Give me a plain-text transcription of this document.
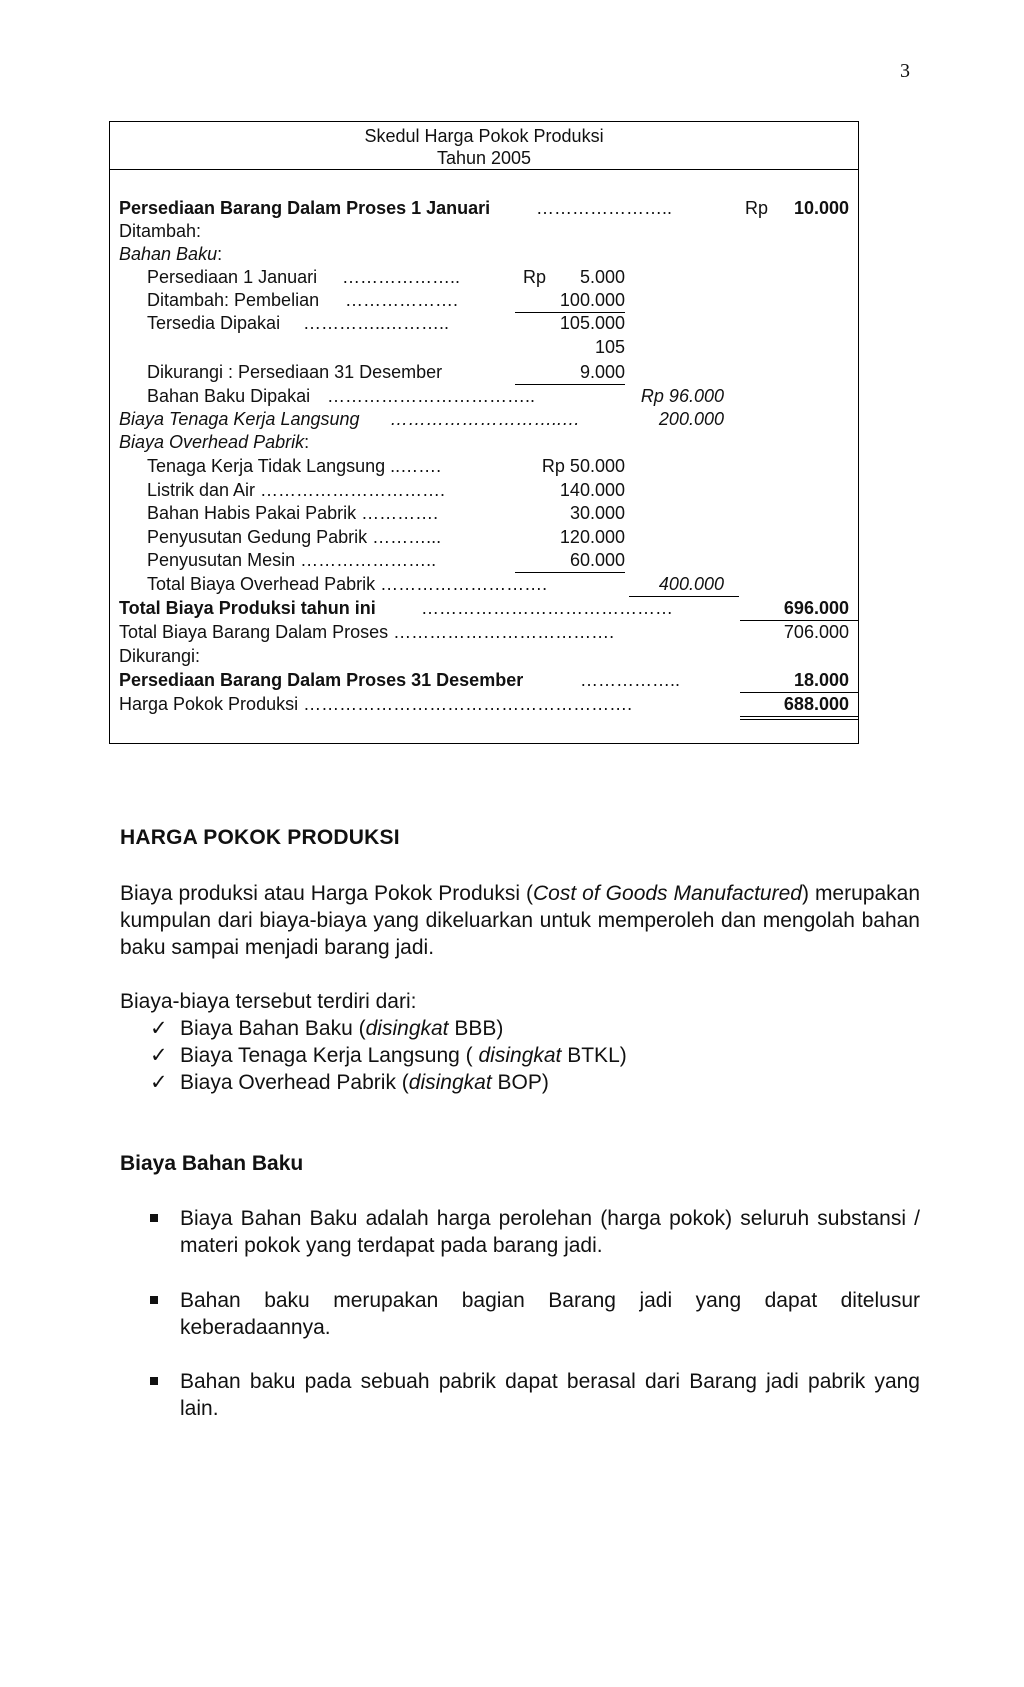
3
Skedul Harga Pokok Produksi
Tahun 2005
Persediaan Barang Dalam Proses 1 Januari	…………………..	Rp 10.000
Ditambah:
Bahan Baku:
Persediaan 1 Januari ………………..	Rp 5.000
Ditambah: Pembelian ……………….	100.000
Tersedia Dipakai …………..………..	105.000
105
Dikurangi : Persediaan 31 Desember	9.000
Bahan Baku Dipakai ……………………………..	Rp 96.000
Biaya Tenaga Kerja Langsung ………………………..…	200.000
Biaya Overhead Pabrik:
Tenaga Kerja Tidak Langsung ..…….	Rp 50.000
Listrik dan Air ………………………….	140.000
Bahan Habis Pakai Pabrik ………….	30.000
Penyusutan Gedung Pabrik ………...	120.000
Penyusutan Mesin …………………..	60.000
Total Biaya Overhead Pabrik ……………………….	400.000
Total Biaya Produksi tahun ini	……………………………………	696.000
Total Biaya Barang Dalam Proses ……………………………….	706.000
Dikurangi:
Persediaan Barang Dalam Proses 31 Desember	……………..	18.000
Harga Pokok Produksi ……………………………………………….	688.000
HARGA POKOK PRODUKSI
Biaya produksi atau Harga Pokok Produksi (Cost of Goods Manufactured) merupakan kumpulan dari biaya-biaya yang dikeluarkan untuk memperoleh dan mengolah bahan baku sampai menjadi barang jadi.
Biaya-biaya tersebut terdiri dari:
✓ Biaya Bahan Baku (disingkat BBB)
✓ Biaya Tenaga Kerja Langsung ( disingkat BTKL)
✓ Biaya Overhead Pabrik (disingkat BOP)
Biaya Bahan Baku
Biaya Bahan Baku adalah harga perolehan (harga pokok) seluruh substansi / materi pokok yang terdapat pada barang jadi.
Bahan baku merupakan bagian Barang jadi yang dapat ditelusur keberadaannya.
Bahan baku pada sebuah pabrik dapat berasal dari Barang jadi pabrik yang lain.
